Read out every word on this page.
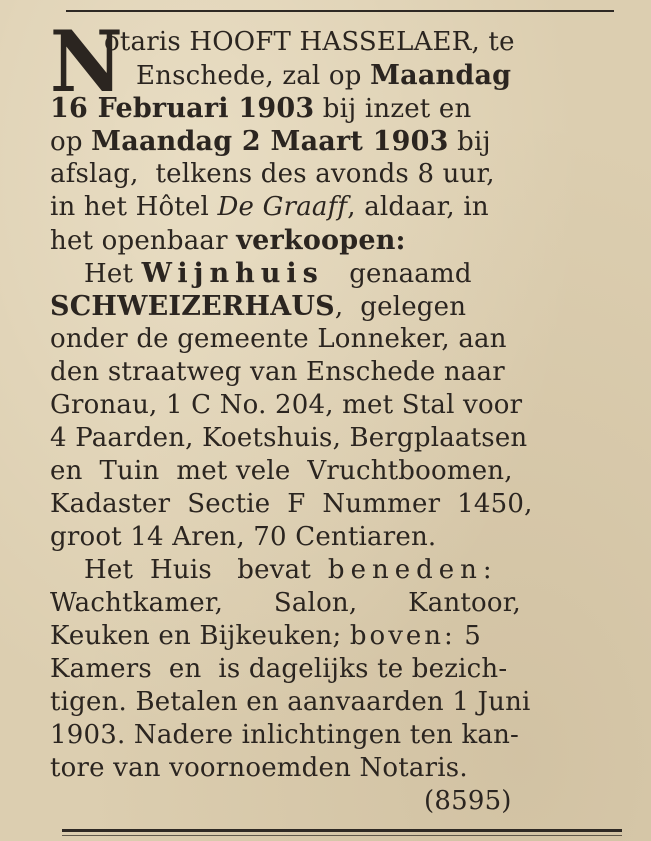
N
otaris HOOFT HASSELAER, te
Enschede, zal op Maandag
16 Februari 1903 bij inzet en
op Maandag 2 Maart 1903 bij
afslag,  telkens des avonds 8 uur,
in het Hôtel De Graaff, aldaar, in
het openbaar verkoopen:
Het Wijnhuis   genaamd
SCHWEIZERHAUS,  gelegen
onder de gemeente Lonneker, aan
den straatweg van Enschede naar
Gronau, 1 C No. 204, met Stal voor
4 Paarden, Koetshuis, Bergplaatsen
en  Tuin  met vele  Vruchtboomen,
Kadaster  Sectie  F  Nummer  1450,
groot 14 Aren, 70 Centiaren.
Het  Huis   bevat  beneden:
Wachtkamer,      Salon,      Kantoor,
Keuken en Bijkeuken; boven: 5
Kamers  en  is dagelijks te bezich-
tigen. Betalen en aanvaarden 1 Juni
1903. Nadere inlichtingen ten kan-
tore van voornoemden Notaris.
(8595)
